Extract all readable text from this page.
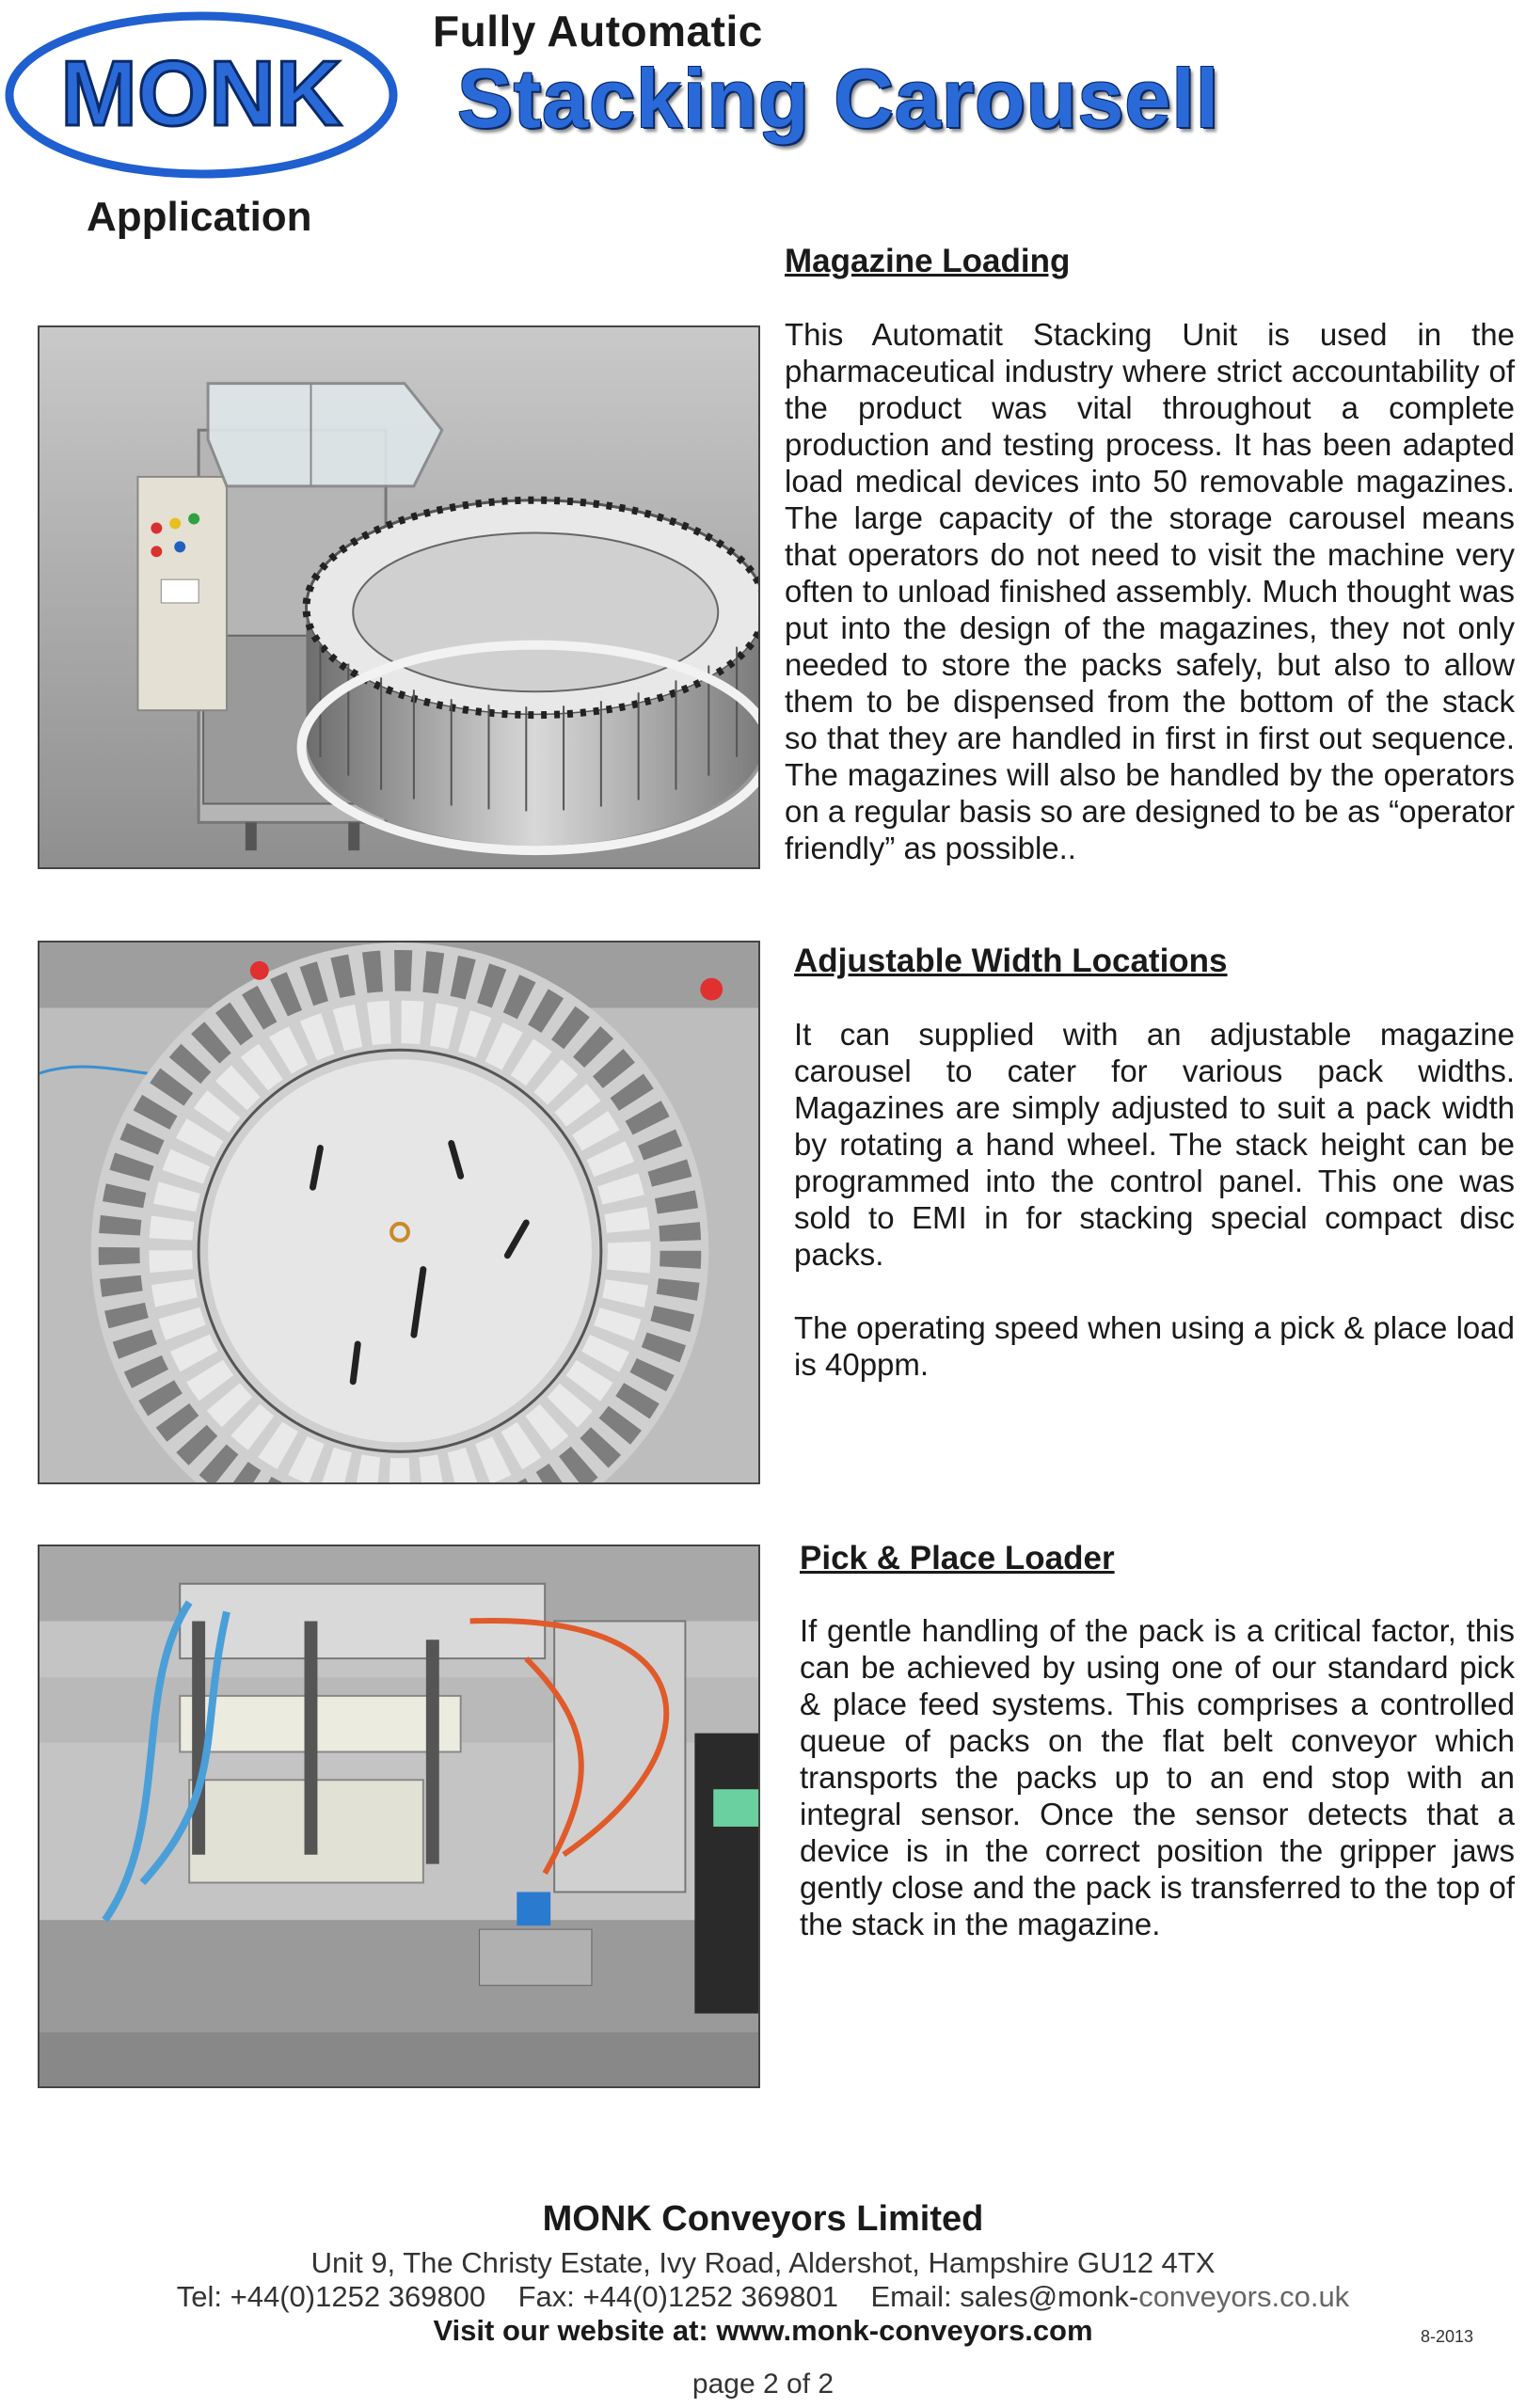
MONK
Fully Automatic
Stacking Carousell
Application
Magazine Loading
This Automatit Stacking Unit is used in the pharmaceutical industry where strict accountability of the product was vital throughout a complete production and testing process. It has been adapted load medical devices into 50 removable magazines. The large capacity of the storage carousel means that operators do not need to visit the machine very often to unload finished assembly. Much thought was put into the design of the magazines, they not only needed to store the packs safely, but also to allow them to be dispensed from the bottom of the stack so that they are handled in first in first out sequence. The magazines will also be handled by the operators on a regular basis so are designed to be as “operator friendly” as possible..
Adjustable Width Locations
It can supplied with an adjustable magazine carousel to cater for various pack widths. Magazines are simply adjusted to suit a pack width by rotating a hand wheel. The stack height can be programmed into the control panel. This one was sold to EMI in for stacking special compact disc packs.
The operating speed when using a pick & place load is 40ppm.
Pick & Place Loader
If gentle handling of the pack is a critical factor, this can be achieved by using one of our standard pick & place feed systems. This comprises a controlled queue of packs on the flat belt conveyor which transports the packs up to an end stop with an integral sensor. Once the sensor detects that a device is in the correct position the gripper jaws gently close and the pack is transferred to the top of the stack in the magazine.
MONK Conveyors Limited
Unit 9, The Christy Estate, Ivy Road, Aldershot, Hampshire GU12 4TX
Tel: +44(0)1252 369800 Fax: +44(0)1252 369801 Email: sales@monk-conveyors.co.uk
Visit our website at: www.monk-conveyors.com	8-2013
page 2 of 2
